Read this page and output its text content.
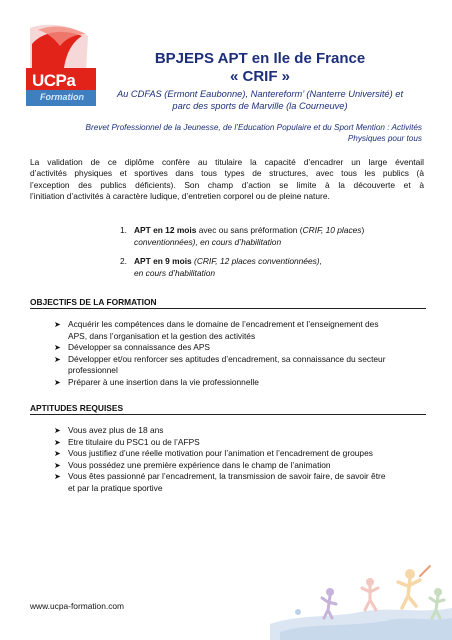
UCPa
Formation
BPJEPS APT en Ile de France
« CRIF »
Au CDFAS (Ermont Eaubonne), Nantereform’ (Nanterre Université) et
parc des sports de Marville (la Courneuve)
Brevet Professionnel de la Jeunesse, de l’Education Populaire et du Sport Mention : Activités
Physiques pour tous
La validation de ce diplôme confère au titulaire la capacité d’encadrer un large éventail
d’activités physiques et sportives dans tous types de structures, avec tous les publics (à
l’exception des publics déficients). Son champ d’action se limite à la découverte et à
l’initiation d’activités à caractère ludique, d’entretien corporel ou de pleine nature.
1. APT en 12 mois avec ou sans préformation (CRIF, 10 places)
conventionnées), en cours d’habilitation
2. APT en 9 mois (CRIF, 12 places conventionnées),
en cours d’habilitation
OBJECTIFS DE LA FORMATION
➤ Acquérir les compétences dans le domaine de l’encadrement et l’enseignement des
APS, dans l’organisation et la gestion des activités
➤ Développer sa connaissance des APS
➤ Développer et/ou renforcer ses aptitudes d’encadrement, sa connaissance du secteur
professionnel
➤ Préparer à une insertion dans la vie professionnelle
APTITUDES REQUISES
➤ Vous avez plus de 18 ans
➤ Etre titulaire du PSC1 ou de l’AFPS
➤ Vous justifiez d’une réelle motivation pour l’animation et l’encadrement de groupes
➤ Vous possédez une première expérience dans le champ de l’animation
➤ Vous êtes passionné par l’encadrement, la transmission de savoir faire, de savoir être
et par la pratique sportive
www.ucpa-formation.com
